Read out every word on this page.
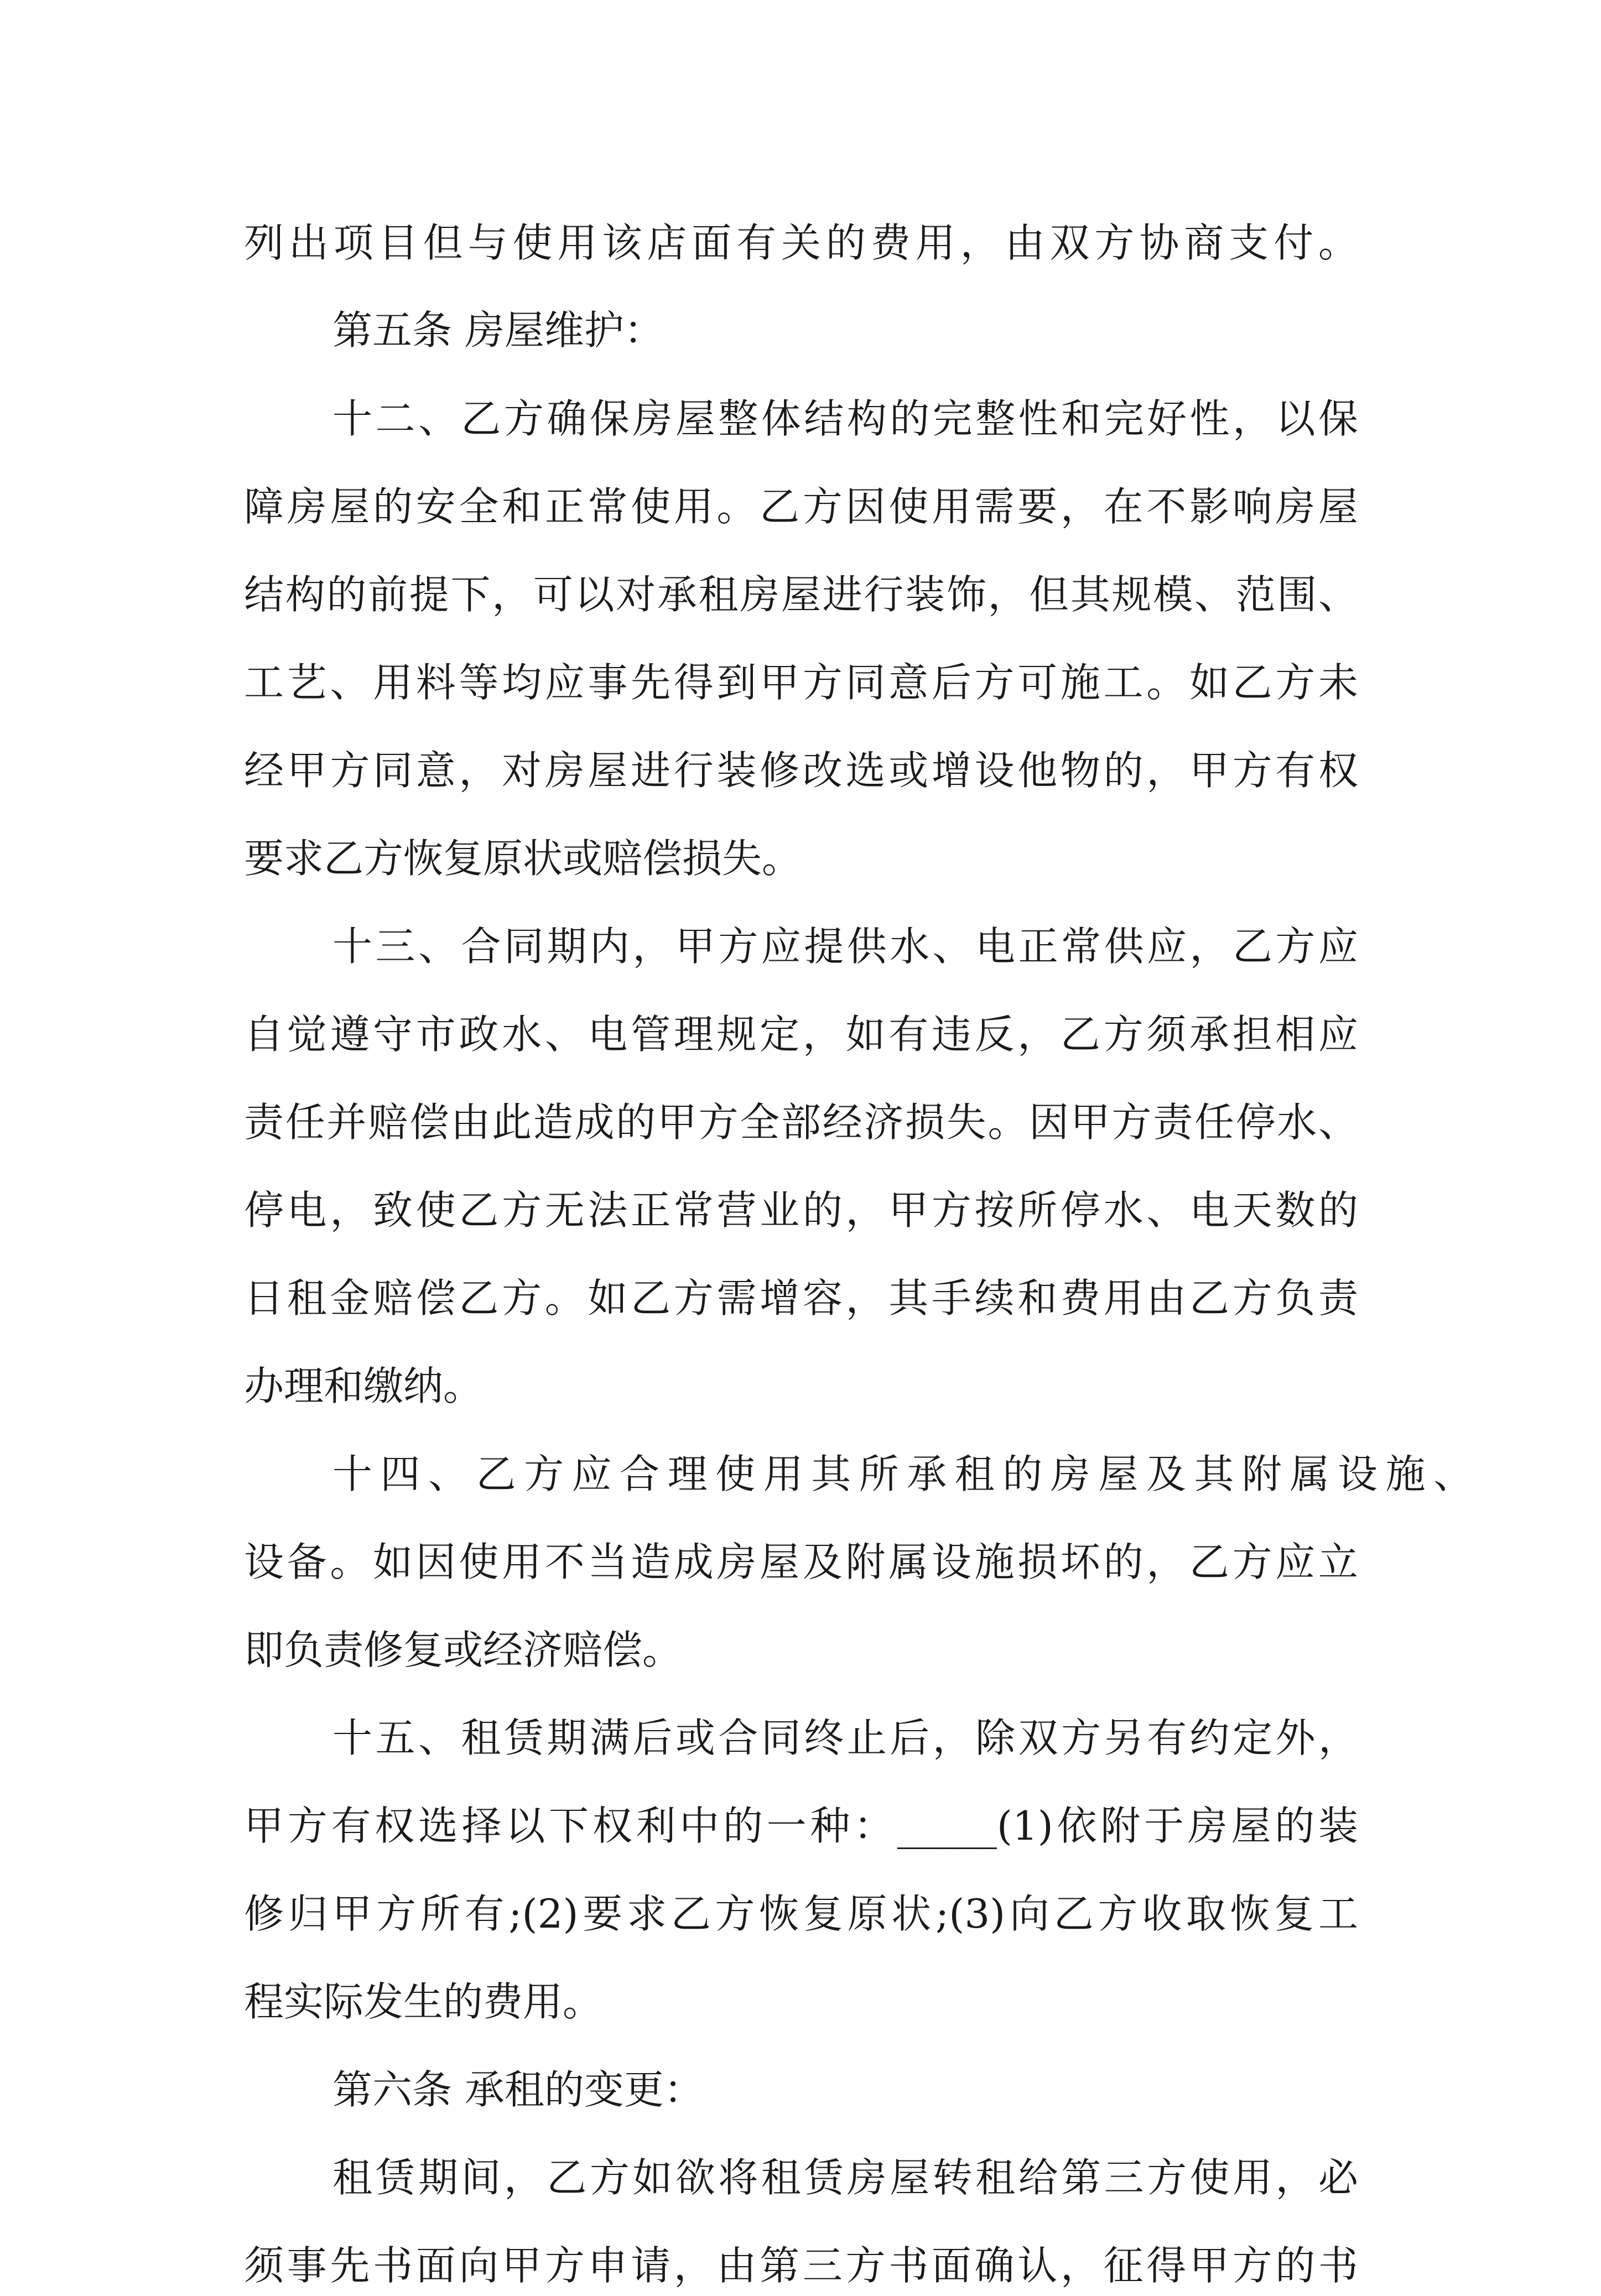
列出项目但与使用该店面有关的费用，由双方协商支付。
第五条 房屋维护：
十二、乙方确保房屋整体结构的完整性和完好性，以保
障房屋的安全和正常使用。乙方因使用需要，在不影响房屋
结构的前提下，可以对承租房屋进行装饰，但其规模、范围、
工艺、用料等均应事先得到甲方同意后方可施工。如乙方未
经甲方同意，对房屋进行装修改选或增设他物的，甲方有权
要求乙方恢复原状或赔偿损失。
十三、合同期内，甲方应提供水、电正常供应，乙方应
自觉遵守市政水、电管理规定，如有违反，乙方须承担相应
责任并赔偿由此造成的甲方全部经济损失。因甲方责任停水、
停电，致使乙方无法正常营业的，甲方按所停水、电天数的
日租金赔偿乙方。如乙方需增容，其手续和费用由乙方负责
办理和缴纳。
十四、乙方应合理使用其所承租的房屋及其附属设施、
设备。如因使用不当造成房屋及附属设施损坏的，乙方应立
即负责修复或经济赔偿。
十五、租赁期满后或合同终止后，除双方另有约定外，
甲方有权选择以下权利中的一种：_____(1)依附于房屋的装
修归甲方所有;(2)要求乙方恢复原状;(3)向乙方收取恢复工
程实际发生的费用。
第六条 承租的变更：
租赁期间，乙方如欲将租赁房屋转租给第三方使用，必
须事先书面向甲方申请，由第三方书面确认，征得甲方的书
